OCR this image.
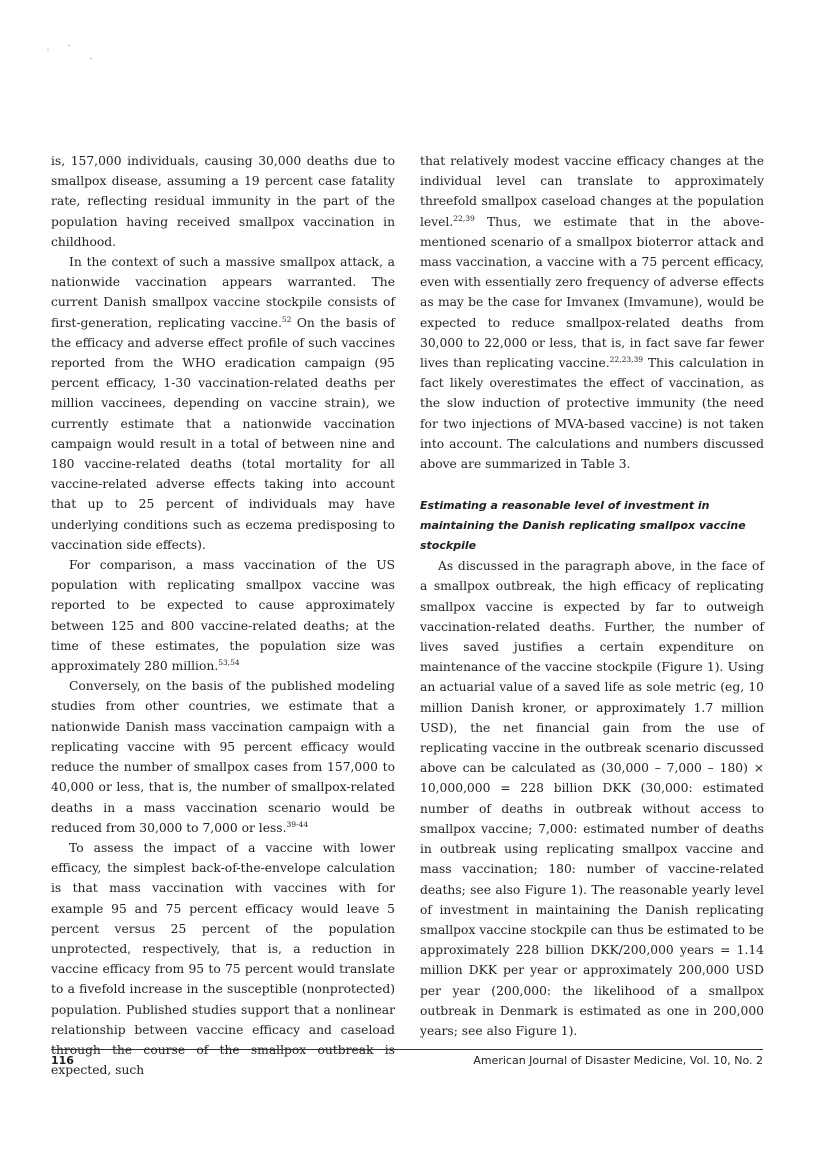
is, 157,000 individuals, causing 30,000 deaths due to smallpox disease, assuming a 19 percent case fatality rate, reflecting residual immunity in the part of the population having received smallpox vaccination in childhood.

In the context of such a massive smallpox attack, a nationwide vaccination appears warranted. The current Danish smallpox vaccine stockpile consists of first-generation, replicating vaccine.$^{52}$ On the basis of the efficacy and adverse effect profile of such vaccines reported from the WHO eradication campaign (95 percent efficacy, 1-30 vaccination-related deaths per million vaccinees, depending on vaccine strain), we currently estimate that a nationwide vaccination campaign would result in a total of between nine and 180 vaccine-related deaths (total mortality for all vaccine-related adverse effects taking into account that up to 25 percent of individuals may have underlying conditions such as eczema predisposing to vaccination side effects).

For comparison, a mass vaccination of the US population with replicating smallpox vaccine was reported to be expected to cause approximately between 125 and 800 vaccine-related deaths; at the time of these estimates, the population size was approximately 280 million.$^{53,54}$

Conversely, on the basis of the published modeling studies from other countries, we estimate that a nationwide Danish mass vaccination campaign with a replicating vaccine with 95 percent efficacy would reduce the number of smallpox cases from 157,000 to 40,000 or less, that is, the number of smallpox-related deaths in a mass vaccination scenario would be reduced from 30,000 to 7,000 or less.$^{39-44}$

To assess the impact of a vaccine with lower efficacy, the simplest back-of-the-envelope calculation is that mass vaccination with vaccines with for example 95 and 75 percent efficacy would leave 5 percent versus 25 percent of the population unprotected, respectively, that is, a reduction in vaccine efficacy from 95 to 75 percent would translate to a fivefold increase in the susceptible (nonprotected) population. Published studies support that a nonlinear relationship between vaccine efficacy and caseload through the course of the smallpox outbreak is expected, such

that relatively modest vaccine efficacy changes at the individual level can translate to approximately threefold smallpox caseload changes at the population level.$^{22,39}$ Thus, we estimate that in the above-mentioned scenario of a smallpox bioterror attack and mass vaccination, a vaccine with a 75 percent efficacy, even with essentially zero frequency of adverse effects as may be the case for Imvanex (Imvamune), would be expected to reduce smallpox-related deaths from 30,000 to 22,000 or less, that is, in fact save far fewer lives than replicating vaccine.$^{22,23,39}$ This calculation in fact likely overestimates the effect of vaccination, as the slow induction of protective immunity (the need for two injections of MVA-based vaccine) is not taken into account. The calculations and numbers discussed above are summarized in Table 3.

Estimating a reasonable level of investment in maintaining the Danish replicating smallpox vaccine stockpile

As discussed in the paragraph above, in the face of a smallpox outbreak, the high efficacy of replicating smallpox vaccine is expected by far to outweigh vaccination-related deaths. Further, the number of lives saved justifies a certain expenditure on maintenance of the vaccine stockpile (Figure 1). Using an actuarial value of a saved life as sole metric (eg, 10 million Danish kroner, or approximately 1.7 million USD), the net financial gain from the use of replicating vaccine in the outbreak scenario discussed above can be calculated as (30,000 – 7,000 – 180) × 10,000,000 = 228 billion DKK (30,000: estimated number of deaths in outbreak without access to smallpox vaccine; 7,000: estimated number of deaths in outbreak using replicating smallpox vaccine and mass vaccination; 180: number of vaccine-related deaths; see also Figure 1). The reasonable yearly level of investment in maintaining the Danish replicating smallpox vaccine stockpile can thus be estimated to be approximately 228 billion DKK/200,000 years = 1.14 million DKK per year or approximately 200,000 USD per year (200,000: the likelihood of a smallpox outbreak in Denmark is estimated as one in 200,000 years; see also Figure 1).

116	American Journal of Disaster Medicine, Vol. 10, No. 2
